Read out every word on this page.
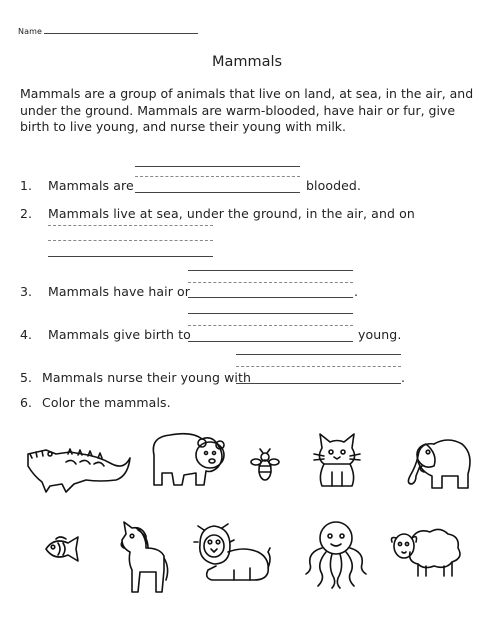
Name
Mammals
Mammals are a group of animals that live on land, at sea, in the air, and under the ground. Mammals are warm-blooded, have hair or fur, give birth to live young, and nurse their young with milk.
1. Mammals are	blooded.
2. Mammals live at sea, under the ground, in the air, and on
3. Mammals have hair or	.
4. Mammals give birth to	young.
5. Mammals nurse their young with	.
6. Color the mammals.
